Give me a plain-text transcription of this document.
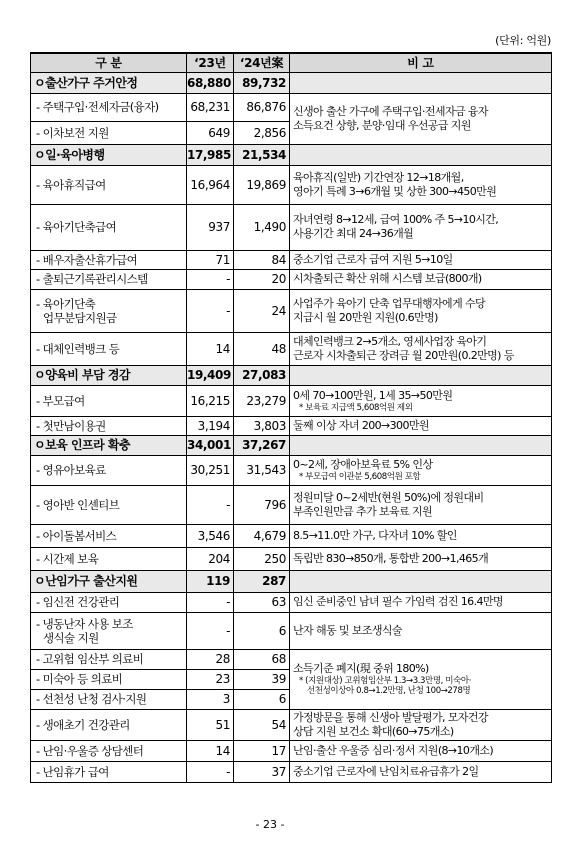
(단위: 억원)
구 분	‘23년	‘24년案	비 고
ㅇ출산가구 주거안정	68,880	89,732	
- 주택구입·전세자금(융자)	68,231	86,876	신생아 출산 가구에 주택구입·전세자금 융자
소득요건 상향, 분양·임대 우선공급 지원
- 이차보전 지원	649	2,856	
ㅇ일·육아병행	17,985	21,534	
- 육아휴직급여	16,964	19,869	육아휴직(일반) 기간연장 12→18개월,
영아기 특례 3→6개월 및 상한 300→450만원
- 육아기단축급여	937	1,490	자녀연령 8→12세, 급여 100% 주 5→10시간,
사용기간 최대 24→36개월
- 배우자출산휴가급여	71	84	중소기업 근로자 급여 지원 5→10일
- 출퇴근기록관리시스템	-	20	시차출퇴근 확산 위해 시스템 보급(800개)
- 육아기단축
업무분담지원금	-	24	사업주가 육아기 단축 업무대행자에게 수당
지급시 월 20만원 지원(0.6만명)
- 대체인력뱅크 등	14	48	대체인력뱅크 2→5개소, 영세사업장 육아기
근로자 시차출퇴근 장려금 월 20만원(0.2만명) 등
ㅇ양육비 부담 경감	19,409	27,083	
- 부모급여	16,215	23,279	0세 70→100만원, 1세 35→50만원
* 보육료 지급액 5,608억원 제외

- 첫만남이용권	3,194	3,803	둘째 이상 자녀 200→300만원
ㅇ보육 인프라 확충	34,001	37,267	
- 영유아보육료	30,251	31,543	0~2세, 장애아보육료 5% 인상
* 부모급여 이관분 5,608억원 포함

- 영아반 인센티브	-	796	정원미달 0~2세반(현원 50%)에 정원대비
부족인원만큼 추가 보육료 지원
- 아이돌봄서비스	3,546	4,679	8.5→11.0만 가구, 다자녀 10% 할인
- 시간제 보육	204	250	독립반 830→850개, 통합반 200→1,465개
ㅇ난임가구 출산지원	119	287	
- 임신전 건강관리	-	63	임신 준비중인 남녀 필수 가임력 검진 16.4만명
- 냉동난자 사용 보조
생식술 지원	-	6	난자 해동 및 보조생식술
- 고위험 임산부 의료비	28	68	소득기준 폐지(現 중위 180%)
* (지원대상) 고위험임산부 1.3→3.3만명, 미숙아·
선천성이상아 0.8→1.2만명, 난청 100→278명

- 미숙아 등 의료비	23	39	
- 선천성 난청 검사·지원	3	6	
- 생애초기 건강관리	51	54	가정방문을 통해 신생아 발달평가, 모자건강
상담 지원 보건소 확대(60→75개소)
- 난임·우울증 상담센터	14	17	난임·출산 우울증 심리·정서 지원(8→10개소)
- 난임휴가 급여	-	37	중소기업 근로자에 난임치료유급휴가 2일
- 23 -
